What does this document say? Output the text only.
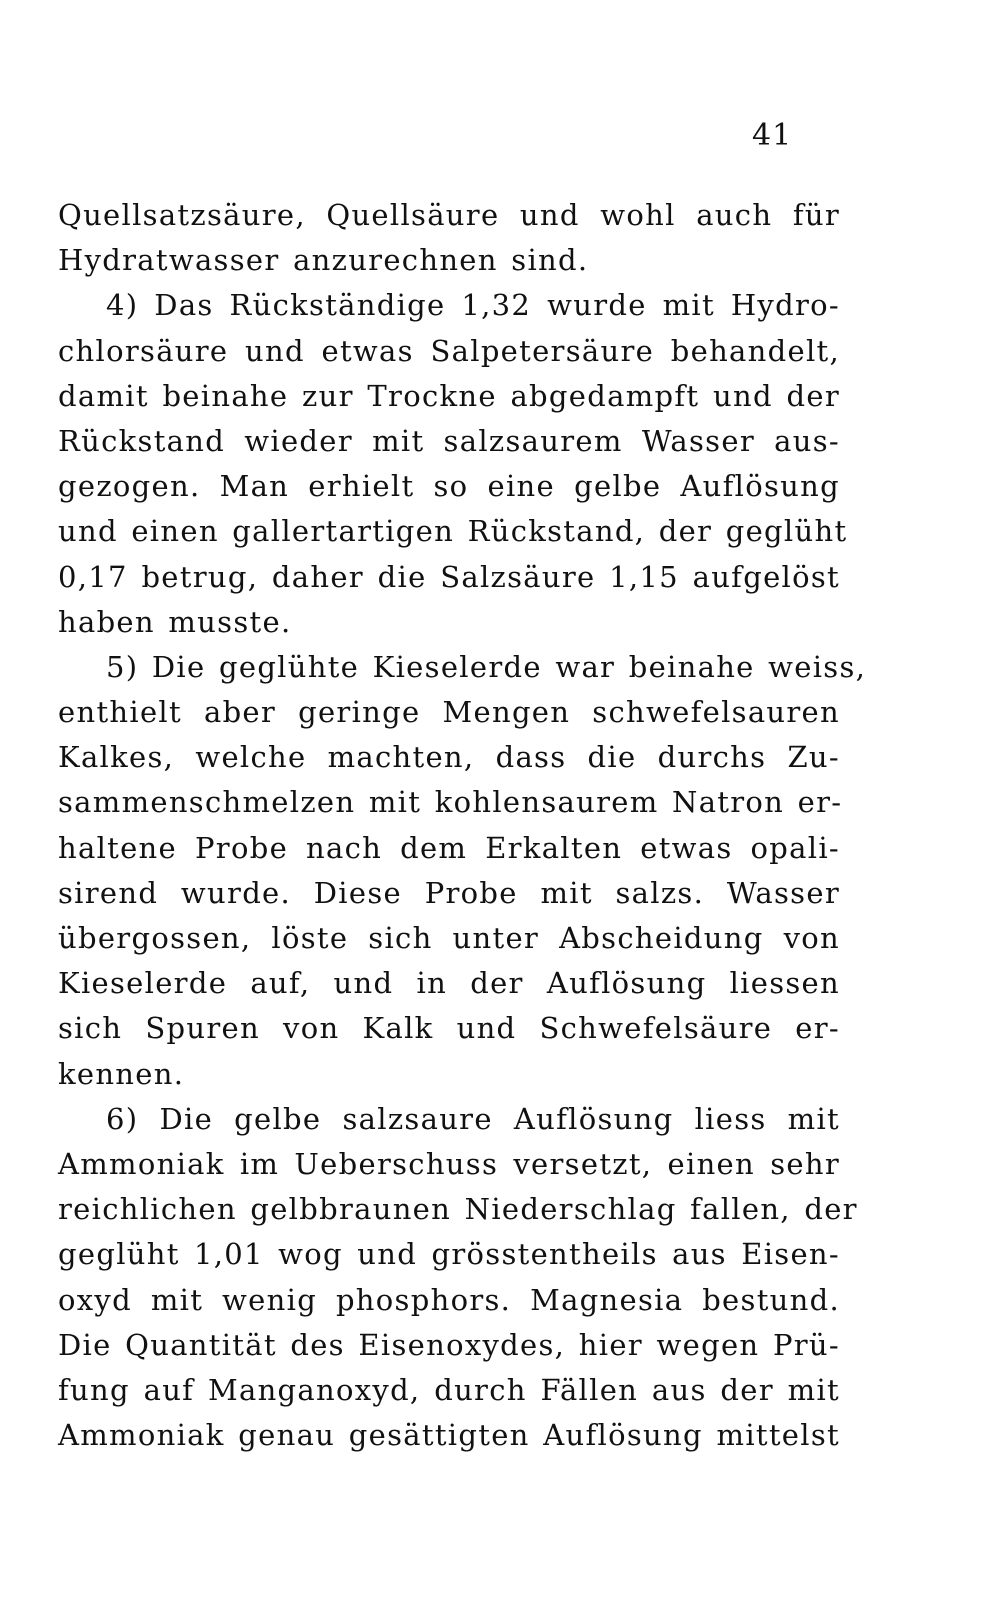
41
Quellsatzsäure, Quellsäure und wohl auch für
Hydratwasser anzurechnen sind.
4) Das Rückständige 1,32 wurde mit Hydro-
chlorsäure und etwas Salpetersäure behandelt,
damit beinahe zur Trockne abgedampft und der
Rückstand wieder mit salzsaurem Wasser aus-
gezogen. Man erhielt so eine gelbe Auflösung
und einen gallertartigen Rückstand, der geglüht
0,17 betrug, daher die Salzsäure 1,15 aufgelöst
haben musste.
5) Die geglühte Kieselerde war beinahe weiss,
enthielt aber geringe Mengen schwefelsauren
Kalkes, welche machten, dass die durchs Zu-
sammenschmelzen mit kohlensaurem Natron er-
haltene Probe nach dem Erkalten etwas opali-
sirend wurde. Diese Probe mit salzs. Wasser
übergossen, löste sich unter Abscheidung von
Kieselerde auf, und in der Auflösung liessen
sich Spuren von Kalk und Schwefelsäure er-
kennen.
6) Die gelbe salzsaure Auflösung liess mit
Ammoniak im Ueberschuss versetzt, einen sehr
reichlichen gelbbraunen Niederschlag fallen, der
geglüht 1,01 wog und grösstentheils aus Eisen-
oxyd mit wenig phosphors. Magnesia bestund.
Die Quantität des Eisenoxydes, hier wegen Prü-
fung auf Manganoxyd, durch Fällen aus der mit
Ammoniak genau gesättigten Auflösung mittelst
